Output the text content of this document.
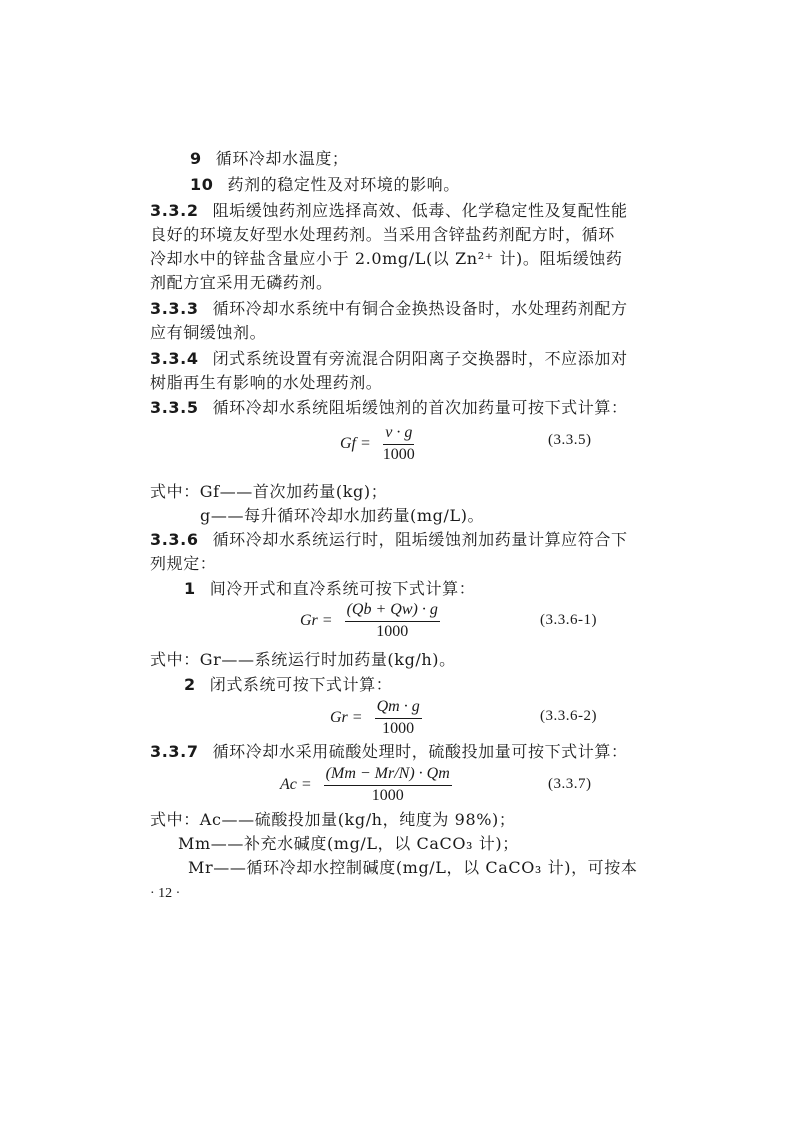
9 循环冷却水温度；
10 药剂的稳定性及对环境的影响。
3.3.2 阻垢缓蚀药剂应选择高效、低毒、化学稳定性及复配性能
良好的环境友好型水处理药剂。当采用含锌盐药剂配方时，循环
冷却水中的锌盐含量应小于 2.0mg/L(以 Zn²⁺ 计)。阻垢缓蚀药
剂配方宜采用无磷药剂。
3.3.3 循环冷却水系统中有铜合金换热设备时，水处理药剂配方
应有铜缓蚀剂。
3.3.4 闭式系统设置有旁流混合阴阳离子交换器时，不应添加对
树脂再生有影响的水处理药剂。
3.3.5 循环冷却水系统阻垢缓蚀剂的首次加药量可按下式计算：
$Gf = \frac{v \cdot g}{1000}$	(3.3.5)
式中：Gf——首次加药量(kg)；
g——每升循环冷却水加药量(mg/L)。
3.3.6 循环冷却水系统运行时，阻垢缓蚀剂加药量计算应符合下
列规定：
1 间冷开式和直冷系统可按下式计算：
$Gr = \frac{(Qb + Qw) \cdot g}{1000}$	(3.3.6-1)
式中：Gr——系统运行时加药量(kg/h)。
2 闭式系统可按下式计算：
$Gr = \frac{Qm \cdot g}{1000}$	(3.3.6-2)
3.3.7 循环冷却水采用硫酸处理时，硫酸投加量可按下式计算：
$Ac = \frac{(Mm - Mr/N) \cdot Qm}{1000}$	(3.3.7)
式中：Ac——硫酸投加量(kg/h，纯度为 98%)；
Mm——补充水碱度(mg/L，以 CaCO₃ 计)；
Mr——循环冷却水控制碱度(mg/L，以 CaCO₃ 计)，可按本
· 12 ·
